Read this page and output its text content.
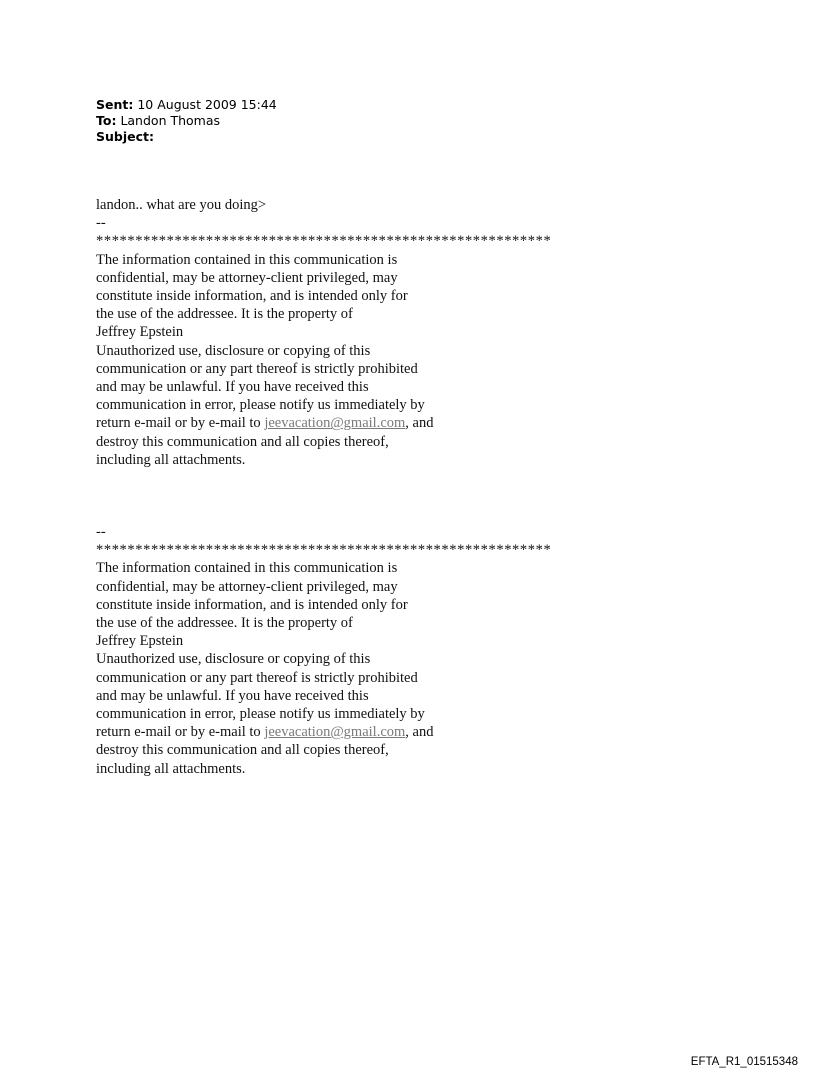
Sent: 10 August 2009 15:44
To: Landon Thomas
Subject:
landon.. what are you doing>
--
**********************************************************
The information contained in this communication is
confidential, may be attorney-client privileged, may
constitute inside information, and is intended only for
the use of the addressee. It is the property of
Jeffrey Epstein
Unauthorized use, disclosure or copying of this
communication or any part thereof is strictly prohibited
and may be unlawful. If you have received this
communication in error, please notify us immediately by
return e-mail or by e-mail to jeevacation@gmail.com, and
destroy this communication and all copies thereof,
including all attachments.
--
**********************************************************
The information contained in this communication is
confidential, may be attorney-client privileged, may
constitute inside information, and is intended only for
the use of the addressee. It is the property of
Jeffrey Epstein
Unauthorized use, disclosure or copying of this
communication or any part thereof is strictly prohibited
and may be unlawful. If you have received this
communication in error, please notify us immediately by
return e-mail or by e-mail to jeevacation@gmail.com, and
destroy this communication and all copies thereof,
including all attachments.
EFTA_R1_01515348
